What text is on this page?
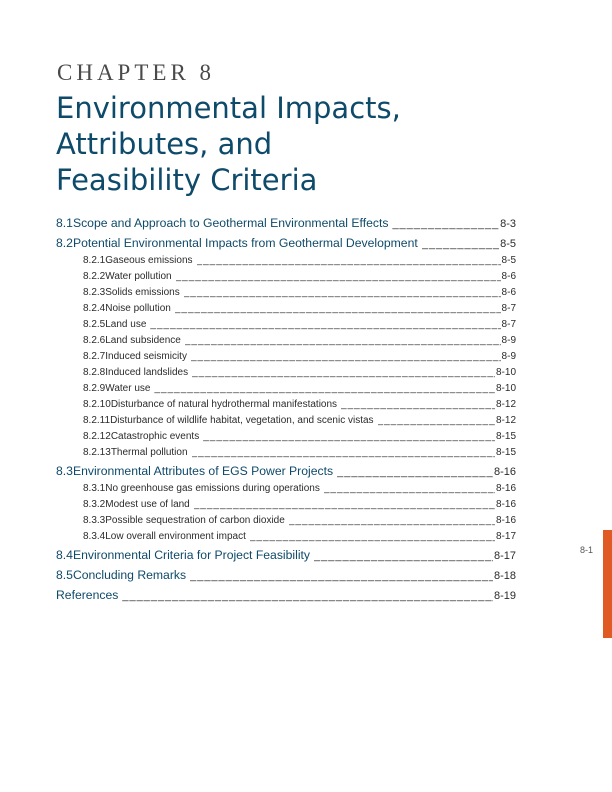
CHAPTER 8
Environmental Impacts,
Attributes, and
Feasibility Criteria
8.1 Scope and Approach to Geothermal Environmental Effects _____	8-3
8.2 Potential Environmental Impacts from Geothermal Development _____	8-5
8.2.1 Gaseous emissions _____	8-5
8.2.2 Water pollution _____	8-6
8.2.3 Solids emissions _____	8-6
8.2.4 Noise pollution _____	8-7
8.2.5 Land use _____	8-7
8.2.6 Land subsidence _____	8-9
8.2.7 Induced seismicity _____	8-9
8.2.8 Induced landslides _____	8-10
8.2.9 Water use _____	8-10
8.2.10 Disturbance of natural hydrothermal manifestations _____	8-12
8.2.11 Disturbance of wildlife habitat, vegetation, and scenic vistas _____	8-12
8.2.12 Catastrophic events _____	8-15
8.2.13 Thermal pollution _____	8-15
8.3 Environmental Attributes of EGS Power Projects _____	8-16
8.3.1 No greenhouse gas emissions during operations _____	8-16
8.3.2 Modest use of land _____	8-16
8.3.3 Possible sequestration of carbon dioxide _____	8-16
8.3.4 Low overall environment impact _____	8-17
8.4 Environmental Criteria for Project Feasibility _____	8-17
8.5 Concluding Remarks _____	8-18
References _____	8-19
8-1
